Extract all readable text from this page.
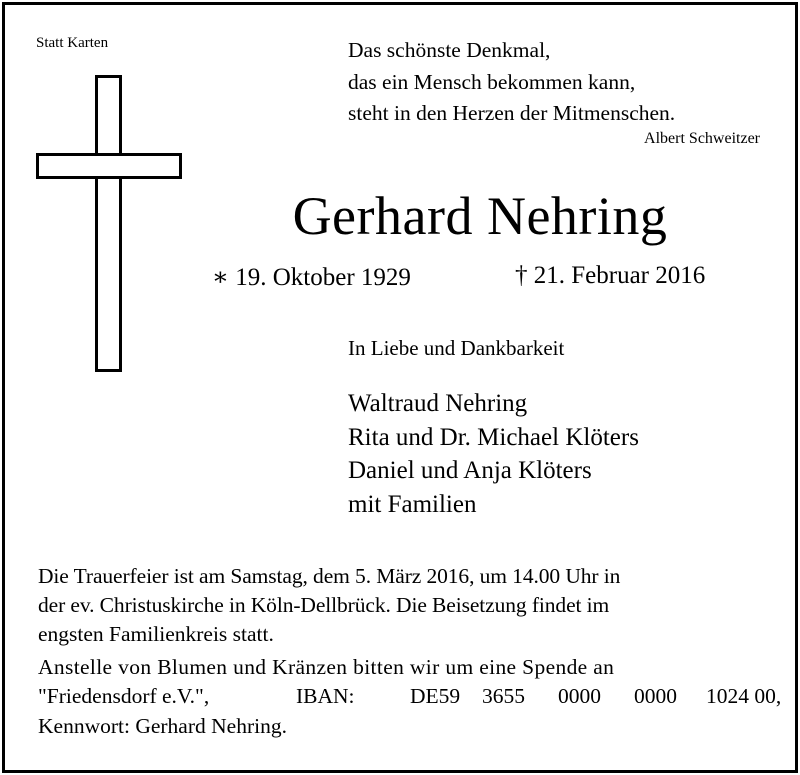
Statt Karten	Das schönste Denkmal,
das ein Mensch bekommen kann,
steht in den Herzen der Mitmenschen.
Albert Schweitzer
Gerhard Nehring
∗ 19. Oktober 1929	† 21. Februar 2016
In Liebe und Dankbarkeit
Waltraud Nehring
Rita und Dr. Michael Klöters
Daniel und Anja Klöters
mit Familien
Die Trauerfeier ist am Samstag, dem 5. März 2016, um 14.00 Uhr in
der ev. Christuskirche in Köln-Dellbrück. Die Beisetzung findet im
engsten Familienkreis statt.
Anstelle von Blumen und Kränzen bitten wir um eine Spende an
"Friedensdorf e.V.",	IBAN:	DE59 3655 0000 0000 1024 00,
Kennwort: Gerhard Nehring.
